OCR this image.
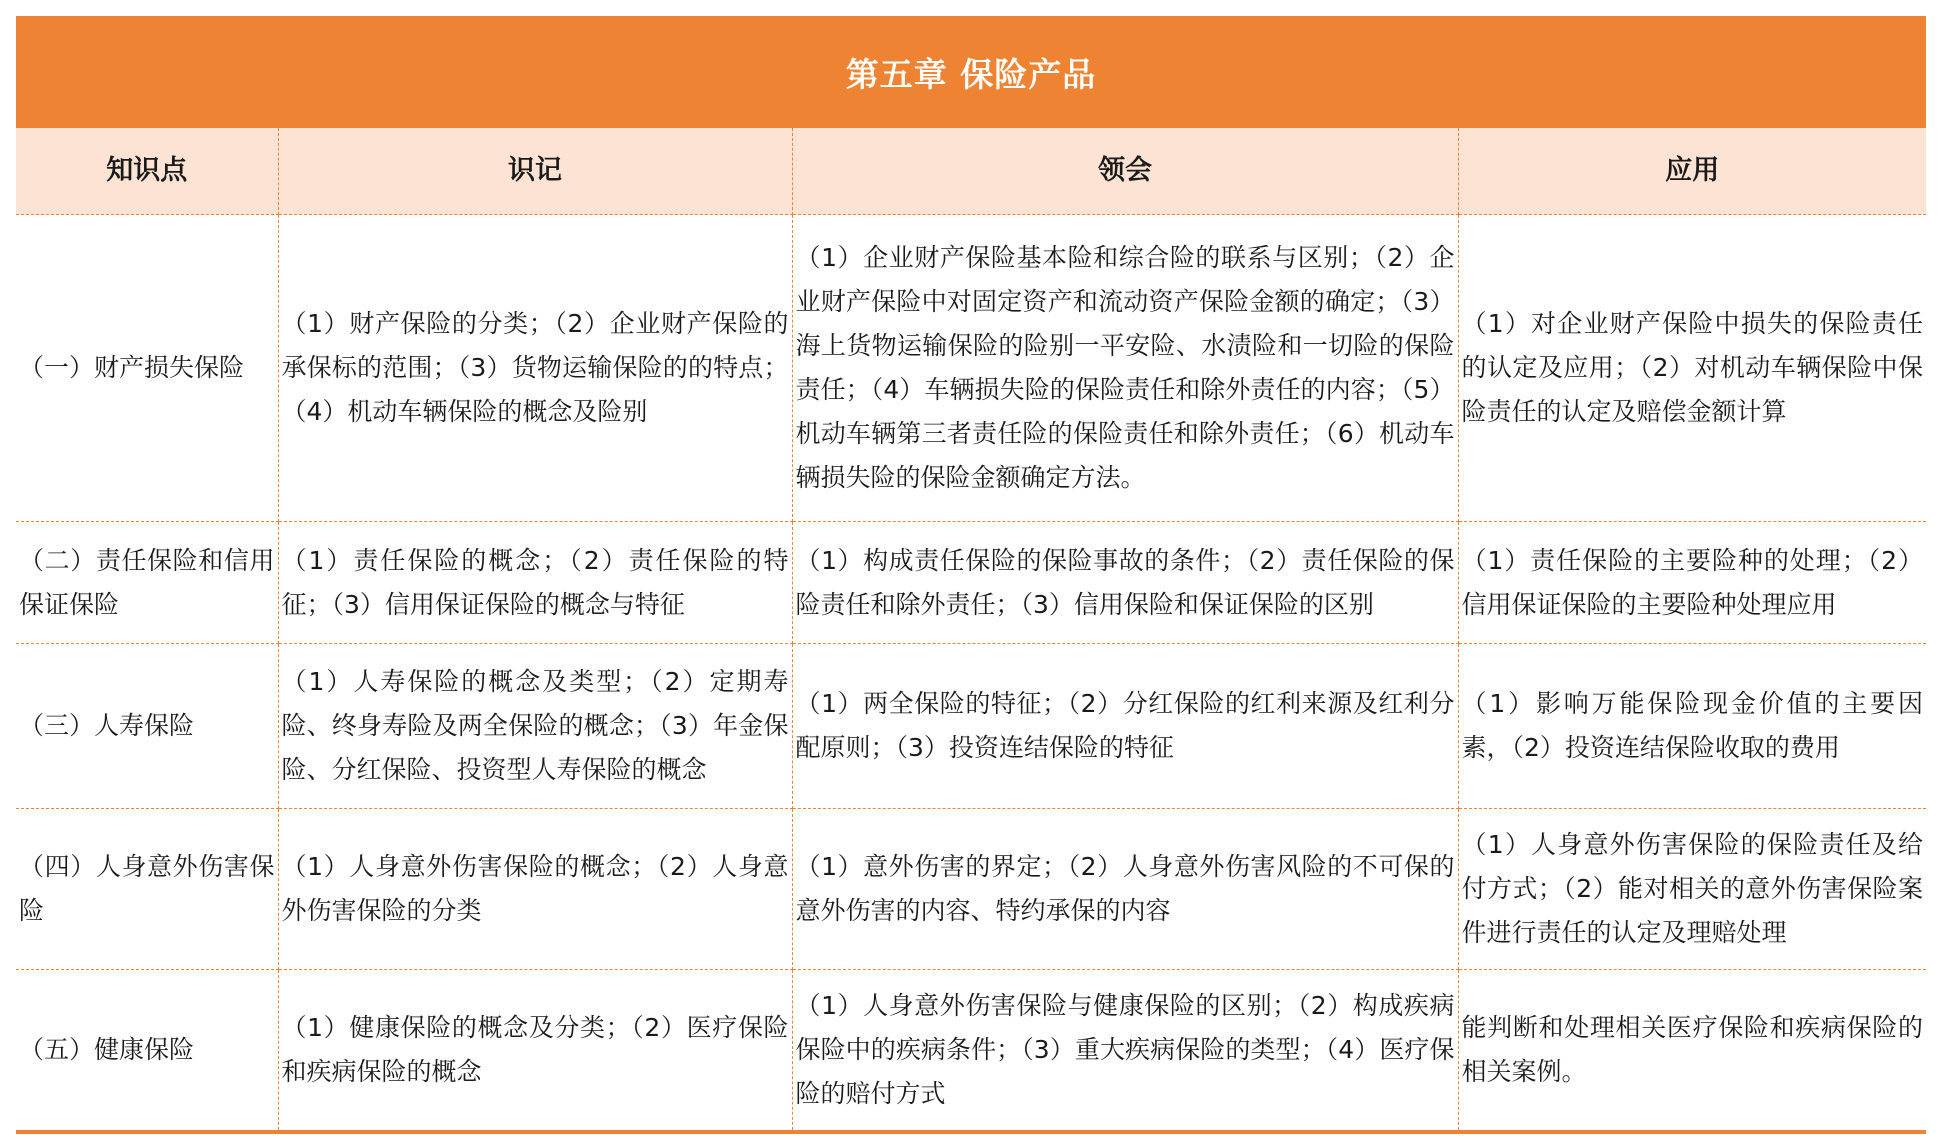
第五章 保险产品
知识点	识记	领会	应用
（一）财产损失保险	（1）财产保险的分类；（2）企业财产保险的承保标的范围；（3）货物运输保险的的特点；（4）机动车辆保险的概念及险别	（1）企业财产保险基本险和综合险的联系与区别；（2）企业财产保险中对固定资产和流动资产保险金额的确定；（3）海上货物运输保险的险别一平安险、水渍险和一切险的保险责任；（4）车辆损失险的保险责任和除外责任的内容；（5）机动车辆第三者责任险的保险责任和除外责任；（6）机动车辆损失险的保险金额确定方法。	（1）对企业财产保险中损失的保险责任的认定及应用；（2）对机动车辆保险中保险责任的认定及赔偿金额计算
（二）责任保险和信用保证保险	（1）责任保险的概念；（2）责任保险的特征；（3）信用保证保险的概念与特征	（1）构成责任保险的保险事故的条件；（2）责任保险的保险责任和除外责任；（3）信用保险和保证保险的区别	（1）责任保险的主要险种的处理；（2）信用保证保险的主要险种处理应用
（三）人寿保险	（1）人寿保险的概念及类型；（2）定期寿险、终身寿险及两全保险的概念；（3）年金保险、分红保险、投资型人寿保险的概念	（1）两全保险的特征；（2）分红保险的红利来源及红利分配原则；（3）投资连结保险的特征	（1）影响万能保险现金价值的主要因素，（2）投资连结保险收取的费用
（四）人身意外伤害保险	（1）人身意外伤害保险的概念；（2）人身意外伤害保险的分类	（1）意外伤害的界定；（2）人身意外伤害风险的不可保的意外伤害的内容、特约承保的内容	（1）人身意外伤害保险的保险责任及给付方式；（2）能对相关的意外伤害保险案件进行责任的认定及理赔处理
（五）健康保险	（1）健康保险的概念及分类；（2）医疗保险和疾病保险的概念	（1）人身意外伤害保险与健康保险的区别；（2）构成疾病保险中的疾病条件；（3）重大疾病保险的类型；（4）医疗保险的赔付方式	能判断和处理相关医疗保险和疾病保险的相关案例。
